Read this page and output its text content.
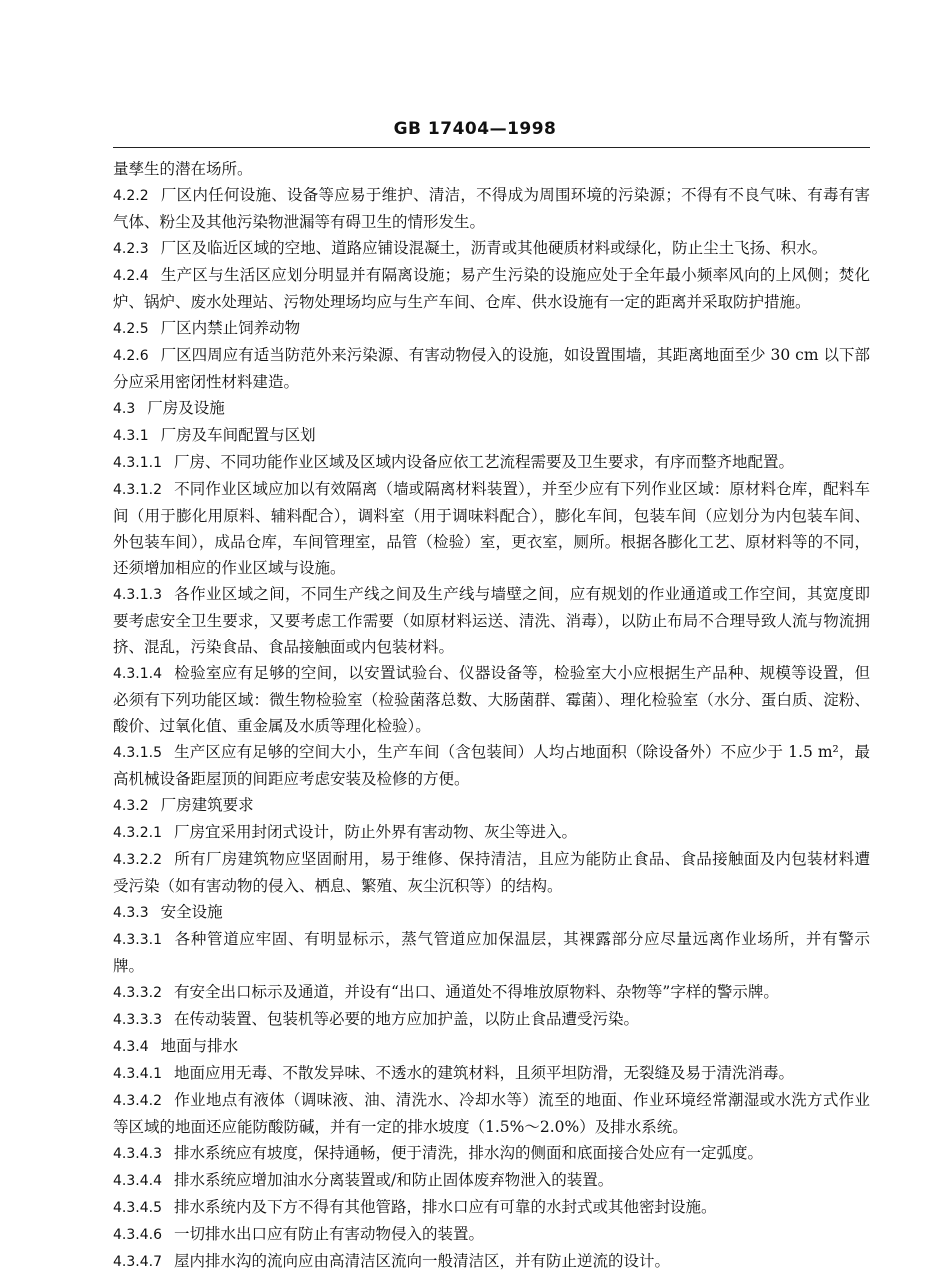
GB 17404—1998

量孳生的潜在场所。

4.2.2 厂区内任何设施、设备等应易于维护、清洁，不得成为周围环境的污染源；不得有不良气味、有毒有害气体、粉尘及其他污染物泄漏等有碍卫生的情形发生。

4.2.3 厂区及临近区域的空地、道路应铺设混凝土，沥青或其他硬质材料或绿化，防止尘土飞扬、积水。

4.2.4 生产区与生活区应划分明显并有隔离设施；易产生污染的设施应处于全年最小频率风向的上风侧；焚化炉、锅炉、废水处理站、污物处理场均应与生产车间、仓库、供水设施有一定的距离并采取防护措施。

4.2.5 厂区内禁止饲养动物

4.2.6 厂区四周应有适当防范外来污染源、有害动物侵入的设施，如设置围墙，其距离地面至少 30 cm 以下部分应采用密闭性材料建造。

4.3 厂房及设施

4.3.1 厂房及车间配置与区划

4.3.1.1 厂房、不同功能作业区域及区域内设备应依工艺流程需要及卫生要求，有序而整齐地配置。

4.3.1.2 不同作业区域应加以有效隔离（墙或隔离材料装置），并至少应有下列作业区域：原材料仓库，配料车间（用于膨化用原料、辅料配合），调料室（用于调味料配合），膨化车间，包装车间（应划分为内包装车间、外包装车间），成品仓库，车间管理室，品管（检验）室，更衣室，厕所。根据各膨化工艺、原材料等的不同，还须增加相应的作业区域与设施。

4.3.1.3 各作业区域之间，不同生产线之间及生产线与墙壁之间，应有规划的作业通道或工作空间，其宽度即要考虑安全卫生要求，又要考虑工作需要（如原材料运送、清洗、消毒），以防止布局不合理导致人流与物流拥挤、混乱，污染食品、食品接触面或内包装材料。

4.3.1.4 检验室应有足够的空间，以安置试验台、仪器设备等，检验室大小应根据生产品种、规模等设置，但必须有下列功能区域：微生物检验室（检验菌落总数、大肠菌群、霉菌）、理化检验室（水分、蛋白质、淀粉、酸价、过氧化值、重金属及水质等理化检验）。

4.3.1.5 生产区应有足够的空间大小，生产车间（含包装间）人均占地面积（除设备外）不应少于 1.5 m²，最高机械设备距屋顶的间距应考虑安装及检修的方便。

4.3.2 厂房建筑要求

4.3.2.1 厂房宜采用封闭式设计，防止外界有害动物、灰尘等进入。

4.3.2.2 所有厂房建筑物应坚固耐用，易于维修、保持清洁，且应为能防止食品、食品接触面及内包装材料遭受污染（如有害动物的侵入、栖息、繁殖、灰尘沉积等）的结构。

4.3.3 安全设施

4.3.3.1 各种管道应牢固、有明显标示，蒸气管道应加保温层，其裸露部分应尽量远离作业场所，并有警示牌。

4.3.3.2 有安全出口标示及通道，并设有“出口、通道处不得堆放原物料、杂物等”字样的警示牌。

4.3.3.3 在传动装置、包装机等必要的地方应加护盖，以防止食品遭受污染。

4.3.4 地面与排水

4.3.4.1 地面应用无毒、不散发异味、不透水的建筑材料，且须平坦防滑，无裂缝及易于清洗消毒。

4.3.4.2 作业地点有液体（调味液、油、清洗水、冷却水等）流至的地面、作业环境经常潮湿或水洗方式作业等区域的地面还应能防酸防碱，并有一定的排水坡度（1.5%～2.0%）及排水系统。

4.3.4.3 排水系统应有坡度，保持通畅，便于清洗，排水沟的侧面和底面接合处应有一定弧度。

4.3.4.4 排水系统应增加油水分离装置或/和防止固体废弃物泄入的装置。

4.3.4.5 排水系统内及下方不得有其他管路，排水口应有可靠的水封式或其他密封设施。

4.3.4.6 一切排水出口应有防止有害动物侵入的装置。

4.3.4.7 屋内排水沟的流向应由高清洁区流向一般清洁区，并有防止逆流的设计。
